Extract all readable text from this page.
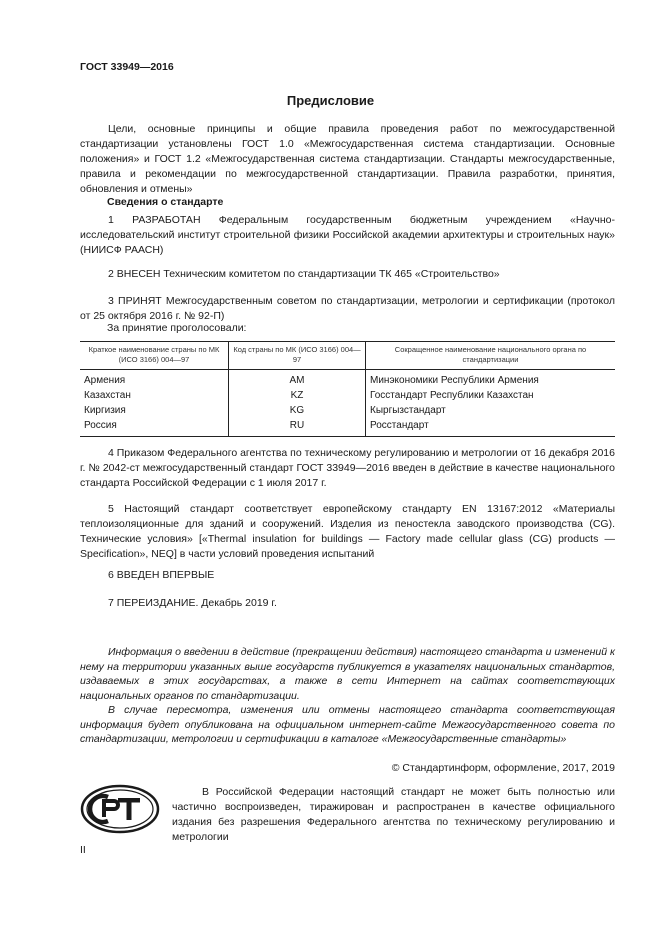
ГОСТ 33949—2016
Предисловие
Цели, основные принципы и общие правила проведения работ по межгосударственной стандартизации установлены ГОСТ 1.0 «Межгосударственная система стандартизации. Основные положения» и ГОСТ 1.2 «Межгосударственная система стандартизации. Стандарты межгосударственные, правила и рекомендации по межгосударственной стандартизации. Правила разработки, принятия, обновления и отмены»
Сведения о стандарте
1 РАЗРАБОТАН Федеральным государственным бюджетным учреждением «Научно-исследовательский институт строительной физики Российской академии архитектуры и строительных наук» (НИИСФ РААСН)
2 ВНЕСЕН Техническим комитетом по стандартизации ТК 465 «Строительство»
3 ПРИНЯТ Межгосударственным советом по стандартизации, метрологии и сертификации (протокол от 25 октября 2016 г. № 92-П)
За принятие проголосовали:
Краткое наименование страны по МК (ИСО 3166) 004—97	Код страны по МК (ИСО 3166) 004—97	Сокращенное наименование национального органа по стандартизации
Армения	AM	Минэкономики Республики Армения
Казахстан	KZ	Госстандарт Республики Казахстан
Киргизия	KG	Кыргызстандарт
Россия	RU	Росстандарт
4 Приказом Федерального агентства по техническому регулированию и метрологии от 16 декабря 2016 г. № 2042-ст межгосударственный стандарт ГОСТ 33949—2016 введен в действие в качестве национального стандарта Российской Федерации с 1 июля 2017 г.
5 Настоящий стандарт соответствует европейскому стандарту EN 13167:2012 «Материалы теплоизоляционные для зданий и сооружений. Изделия из пеностекла заводского производства (CG). Технические условия» [«Thermal insulation for buildings — Factory made cellular glass (CG) products — Specification», NEQ] в части условий проведения испытаний
6 ВВЕДЕН ВПЕРВЫЕ
7 ПЕРЕИЗДАНИЕ. Декабрь 2019 г.

Информация о введении в действие (прекращении действия) настоящего стандарта и изменений к нему на территории указанных выше государств публикуется в указателях национальных стандартов, издаваемых в этих государствах, а также в сети Интернет на сайтах соответствующих национальных органов по стандартизации.

В случае пересмотра, изменения или отмены настоящего стандарта соответствующая информация будет опубликована на официальном интернет-сайте Межгосударственного совета по стандартизации, метрологии и сертификации в каталоге «Межгосударственные стандарты»

© Стандартинформ, оформление, 2017, 2019
В Российской Федерации настоящий стандарт не может быть полностью или частично воспроизведен, тиражирован и распространен в качестве официального издания без разрешения Федерального агентства по техническому регулированию и метрологии
II
